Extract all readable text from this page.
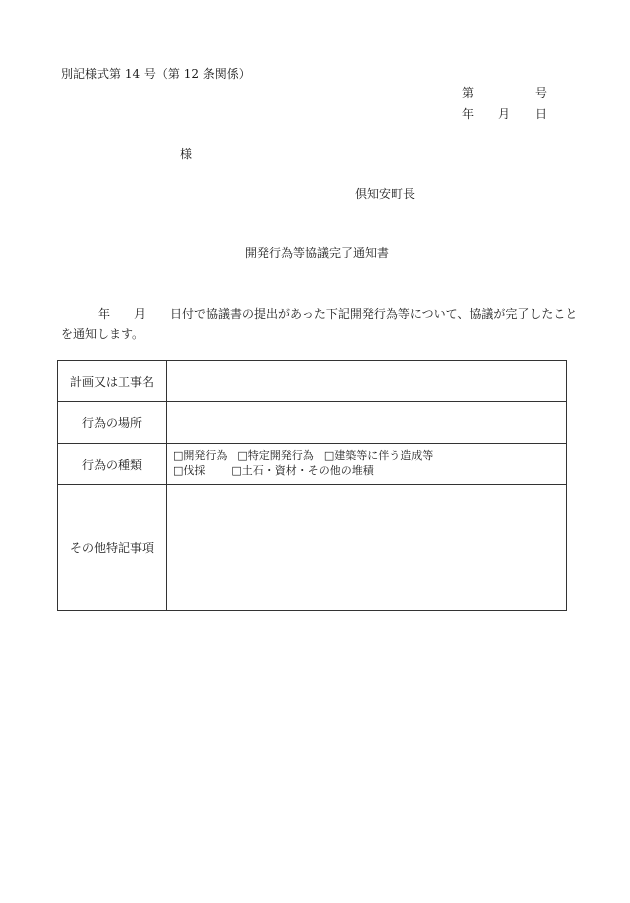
別記様式第 14 号（第 12 条関係）
第	号
年 月 日
様
倶知安町長
開発行為等協議完了通知書
年 月 日付で協議書の提出があった下記開発行為等について、協議が完了したこと
を通知します。
計画又は工事名	
行為の場所	
行為の種類	□開発行為 □特定開発行為 □建築等に伴う造成等
□伐採 □土石・資材・その他の堆積

その他特記事項	
